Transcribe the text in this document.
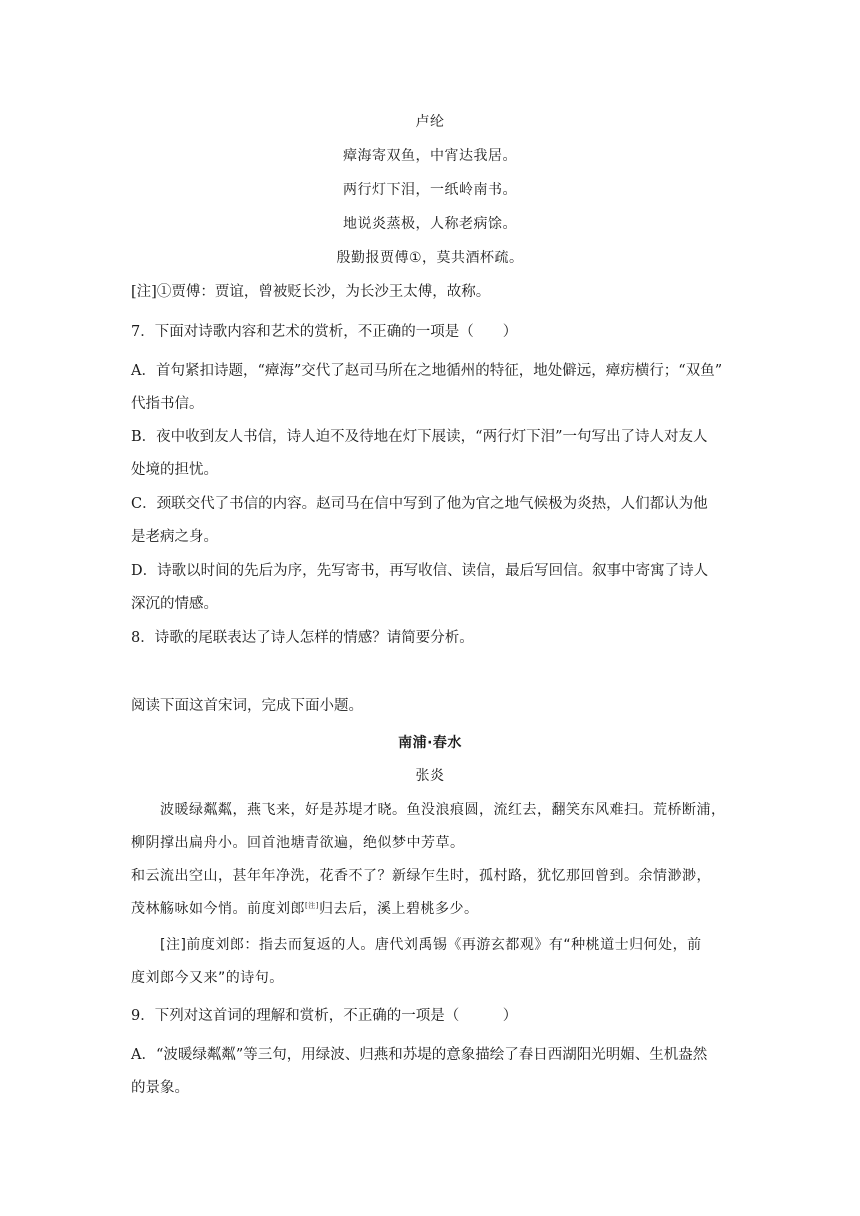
卢纶
瘴海寄双鱼，中宵达我居。
两行灯下泪，一纸岭南书。
地说炎蒸极，人称老病馀。
殷勤报贾傅①，莫共酒杯疏。
[注]①贾傅：贾谊，曾被贬长沙，为长沙王太傅，故称。
7．下面对诗歌内容和艺术的赏析，不正确的一项是（　　）
A．首句紧扣诗题，“瘴海”交代了赵司马所在之地循州的特征，地处僻远，瘴疠横行；“双鱼”
代指书信。
B．夜中收到友人书信，诗人迫不及待地在灯下展读，“两行灯下泪”一句写出了诗人对友人
处境的担忧。
C．颈联交代了书信的内容。赵司马在信中写到了他为官之地气候极为炎热，人们都认为他
是老病之身。
D．诗歌以时间的先后为序，先写寄书，再写收信、读信，最后写回信。叙事中寄寓了诗人
深沉的情感。
8．诗歌的尾联表达了诗人怎样的情感？请简要分析。
阅读下面这首宋词，完成下面小题。
南浦·春水
张炎
波暖绿粼粼，燕飞来，好是苏堤才晓。鱼没浪痕圆，流红去，翻笑东风难扫。荒桥断浦，
柳阴撑出扁舟小。回首池塘青欲遍，绝似梦中芳草。
和云流出空山，甚年年净洗，花香不了？新绿乍生时，孤村路，犹忆那回曾到。余情渺渺，
茂林觞咏如今悄。前度刘郎[注]归去后，溪上碧桃多少。
[注]前度刘郎：指去而复返的人。唐代刘禹锡《再游玄都观》有“种桃道士归何处，前
度刘郎今又来”的诗句。
9．下列对这首词的理解和赏析，不正确的一项是（　　　）
A．“波暖绿粼粼”等三句，用绿波、归燕和苏堤的意象描绘了春日西湖阳光明媚、生机盎然
的景象。
